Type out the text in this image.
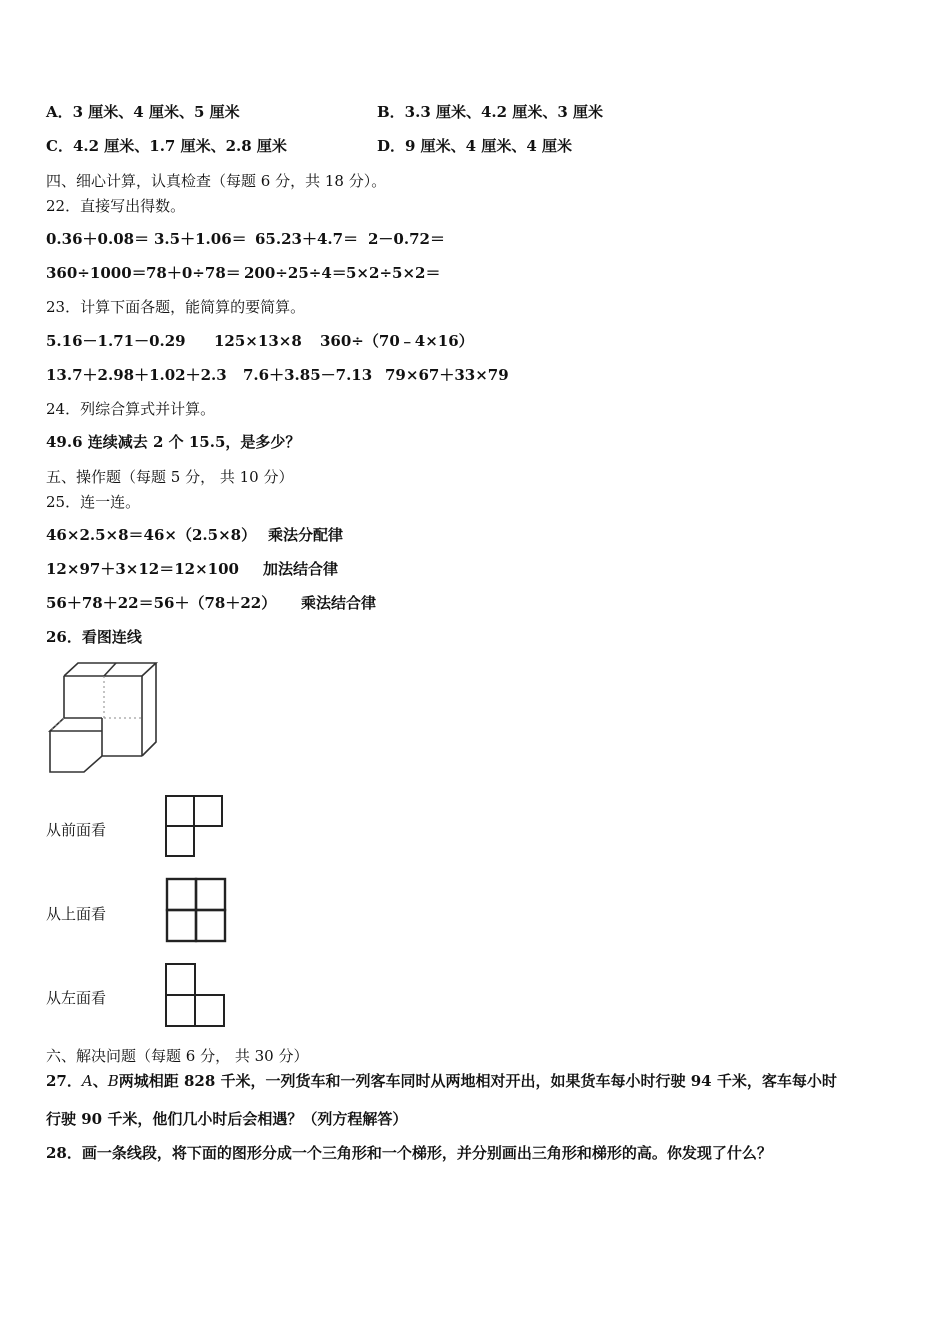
A．3 厘米、4 厘米、5 厘米	B．3.3 厘米、4.2 厘米、3 厘米
C．4.2 厘米、1.7 厘米、2.8 厘米	D．9 厘米、4 厘米、4 厘米
四、细心计算，认真检查（每题 6 分，共 18 分）。
22．直接写出得数。
0.36＋0.08＝ 3.5＋1.06＝ 65.23＋4.7＝ 2－0.72＝
360÷1000＝ 78＋0÷78＝ 200÷25÷4＝ 5×2÷5×2＝
23．计算下面各题，能简算的要简算。
5.16－1.71－0.29 125×13×8 360÷（70﹣4×16）
13.7＋2.98＋1.02＋2.3 7.6＋3.85－7.13 79×67＋33×79
24．列综合算式并计算。
49.6 连续减去 2 个 15.5，是多少？
五、操作题（每题 5 分， 共 10 分）
25．连一连。
46×2.5×8＝46×（2.5×8） 乘法分配律
12×97＋3×12＝12×100 加法结合律
56＋78＋22＝56＋（78＋22） 乘法结合律
26．看图连线
从前面看
从上面看
从左面看
六、解决问题（每题 6 分， 共 30 分）
27．A、B两城相距 828 千米，一列货车和一列客车同时从两地相对开出，如果货车每小时行驶 94 千米，客车每小时
行驶 90 千米，他们几小时后会相遇？（列方程解答）
28．画一条线段，将下面的图形分成一个三角形和一个梯形，并分别画出三角形和梯形的高。你发现了什么？
